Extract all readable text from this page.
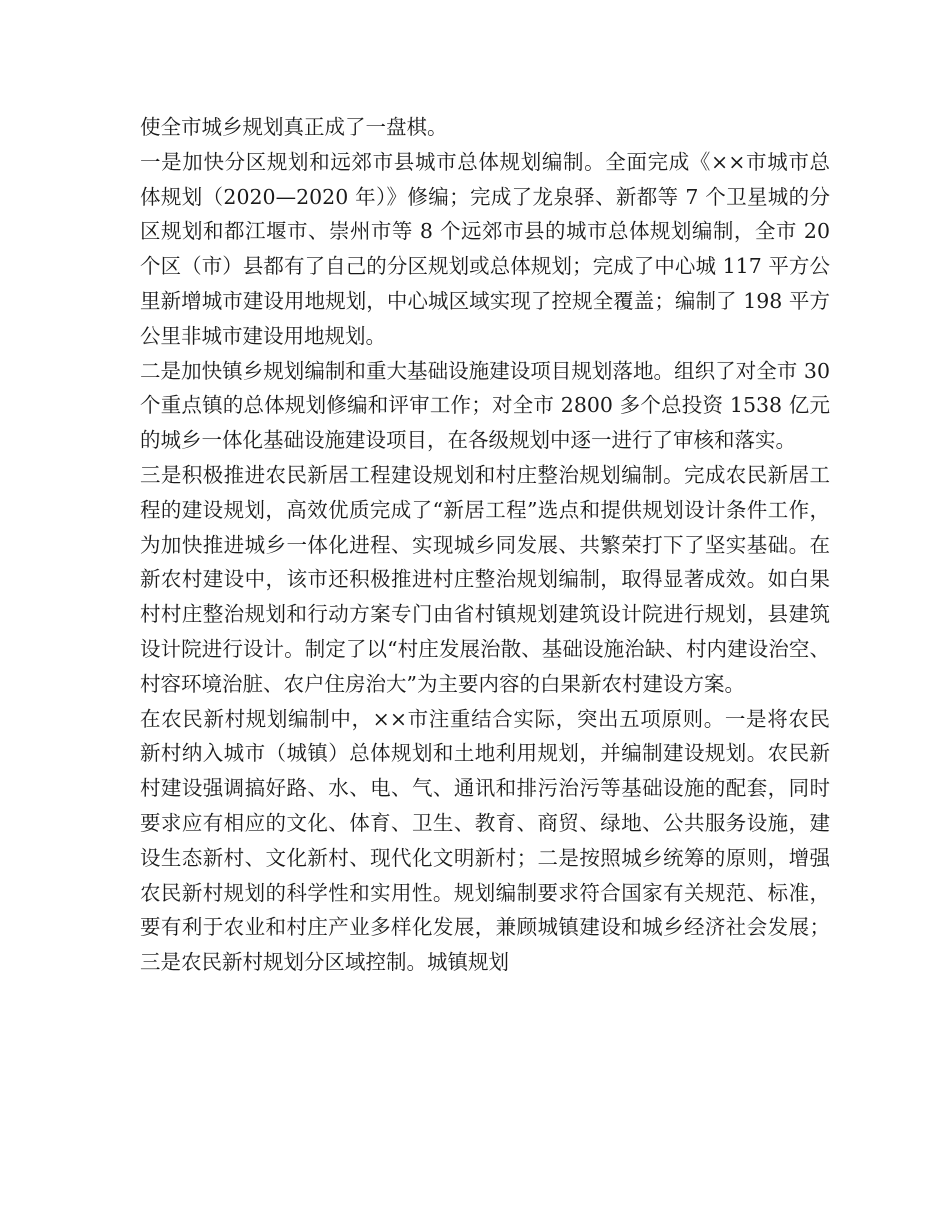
使全市城乡规划真正成了一盘棋。

一是加快分区规划和远郊市县城市总体规划编制。全面完成《××市城市总体规划（2020—2020 年）》修编；完成了龙泉驿、新都等 7 个卫星城的分区规划和都江堰市、崇州市等 8 个远郊市县的城市总体规划编制，全市 20 个区（市）县都有了自己的分区规划或总体规划；完成了中心城 117 平方公里新增城市建设用地规划，中心城区域实现了控规全覆盖；编制了 198 平方公里非城市建设用地规划。

二是加快镇乡规划编制和重大基础设施建设项目规划落地。组织了对全市 30 个重点镇的总体规划修编和评审工作；对全市 2800 多个总投资 1538 亿元的城乡一体化基础设施建设项目，在各级规划中逐一进行了审核和落实。

三是积极推进农民新居工程建设规划和村庄整治规划编制。完成农民新居工程的建设规划，高效优质完成了“新居工程”选点和提供规划设计条件工作，为加快推进城乡一体化进程、实现城乡同发展、共繁荣打下了坚实基础。在新农村建设中，该市还积极推进村庄整治规划编制，取得显著成效。如白果村村庄整治规划和行动方案专门由省村镇规划建筑设计院进行规划，县建筑设计院进行设计。制定了以“村庄发展治散、基础设施治缺、村内建设治空、村容环境治脏、农户住房治大”为主要内容的白果新农村建设方案。

在农民新村规划编制中，××市注重结合实际，突出五项原则。一是将农民新村纳入城市（城镇）总体规划和土地利用规划，并编制建设规划。农民新村建设强调搞好路、水、电、气、通讯和排污治污等基础设施的配套，同时要求应有相应的文化、体育、卫生、教育、商贸、绿地、公共服务设施，建设生态新村、文化新村、现代化文明新村；二是按照城乡统筹的原则，增强农民新村规划的科学性和实用性。规划编制要求符合国家有关规范、标准，要有利于农业和村庄产业多样化发展，兼顾城镇建设和城乡经济社会发展；三是农民新村规划分区域控制。城镇规划
